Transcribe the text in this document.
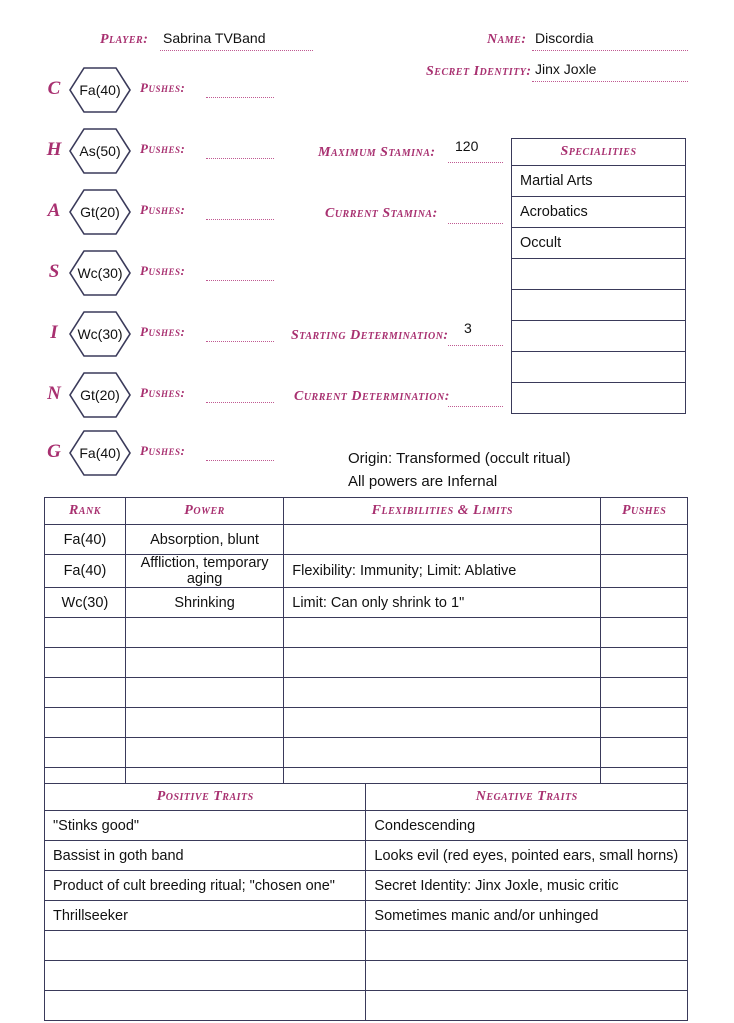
Player: Sabrina TVBand	Name: Discordia
Secret Identity: Jinx Joxle
C	Fa(40)	Pushes:
H	As(50)	Pushes:
A	Gt(20)	Pushes:
S	Wc(30)	Pushes:
I	Wc(30)	Pushes:
N	Gt(20)	Pushes:
G	Fa(40)	Pushes:
Maximum Stamina: 120
Current Stamina:
Starting Determination: 3
Current Determination:
Specialities
Martial Arts
Acrobatics
Occult

Origin: Transformed (occult ritual)
All powers are Infernal
Rank	Power	Flexibilities & Limits	Pushes
Fa(40)	Absorption, blunt		
Fa(40)	Affliction, temporary aging	Flexibility: Immunity; Limit: Ablative	
Wc(30)	Shrinking	Limit: Can only shrink to 1"	

Positive Traits	Negative Traits
"Stinks good"	Condescending
Bassist in goth band	Looks evil (red eyes, pointed ears, small horns)
Product of cult breeding ritual; "chosen one"	Secret Identity: Jinx Joxle, music critic
Thrillseeker	Sometimes manic and/or unhinged
